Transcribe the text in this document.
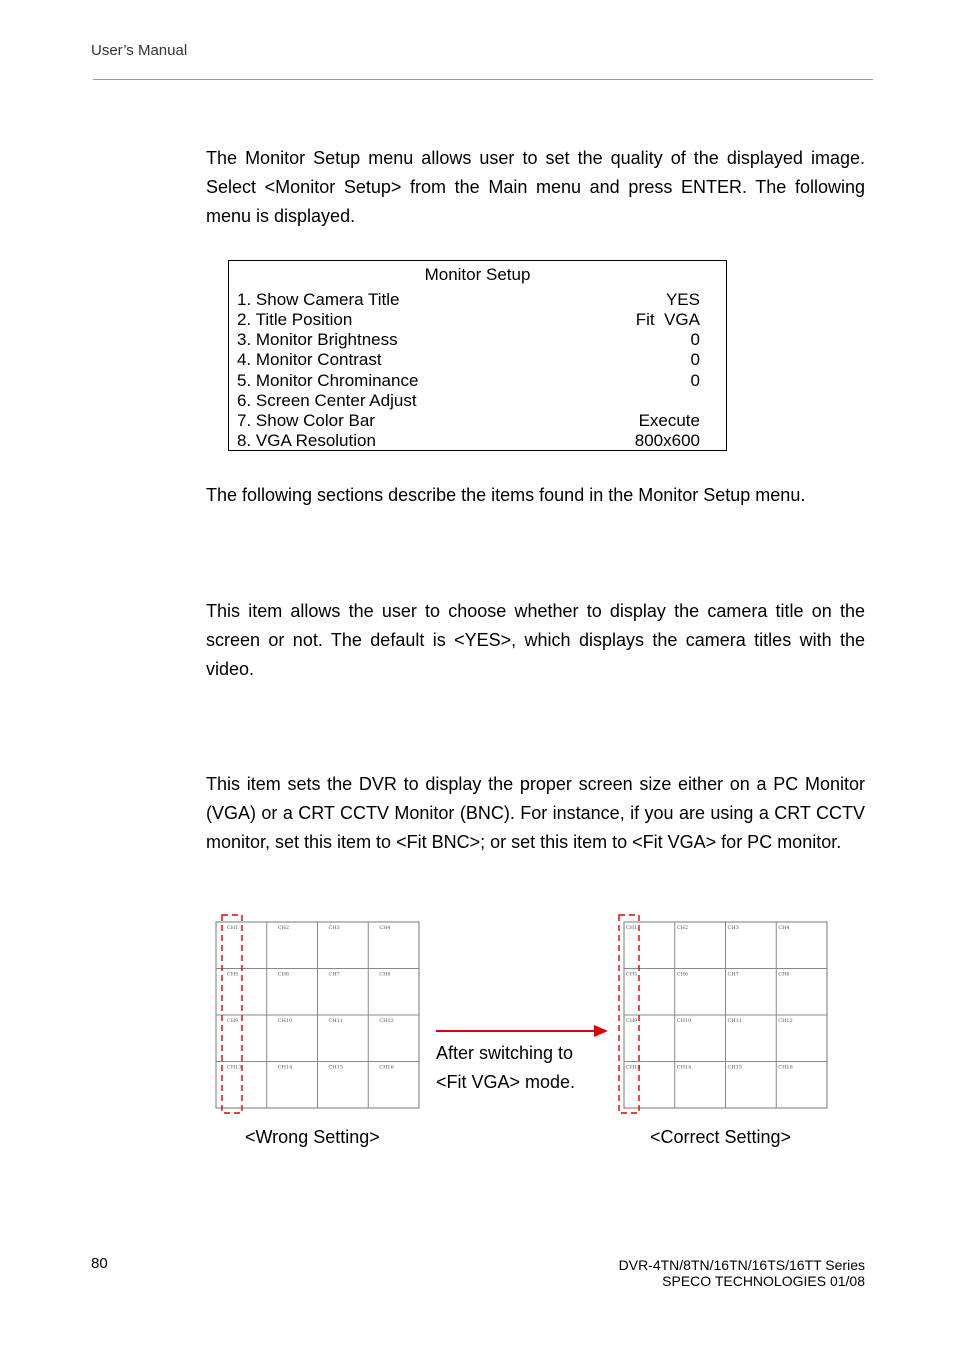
User’s Manual
The Monitor Setup menu allows user to set the quality of the displayed image. Select <Monitor Setup> from the Main menu and press ENTER. The following menu is displayed.
Monitor Setup
1. Show Camera Title	YES
2. Title Position	Fit  VGA
3. Monitor Brightness	0
4. Monitor Contrast	0
5. Monitor Chrominance	0
6. Screen Center Adjust
7. Show Color Bar	Execute
8. VGA Resolution	800x600
The following sections describe the items found in the Monitor Setup menu.
This item allows the user to choose whether to display the camera title on the screen or not. The default is <YES>, which displays the camera titles with the video.
This item sets the DVR to display the proper screen size either on a PC Monitor (VGA) or a CRT CCTV Monitor (BNC). For instance, if you are using a CRT CCTV monitor, set this item to <Fit BNC>; or set this item to <Fit VGA> for PC monitor.
CH1	CH2	CH3	CH4
CH5	CH6	CH7	CH8
CH9	CH10	CH11	CH12
CH13	CH14	CH15	CH16
CH1	CH2	CH3	CH4
CH5	CH6	CH7	CH8
CH9	CH10	CH11	CH12
CH13	CH14	CH15	CH16
After switching to
<Fit VGA> mode.
<Wrong Setting>	<Correct Setting>
80	DVR-4TN/8TN/16TN/16TS/16TT Series
SPECO TECHNOLOGIES 01/08
